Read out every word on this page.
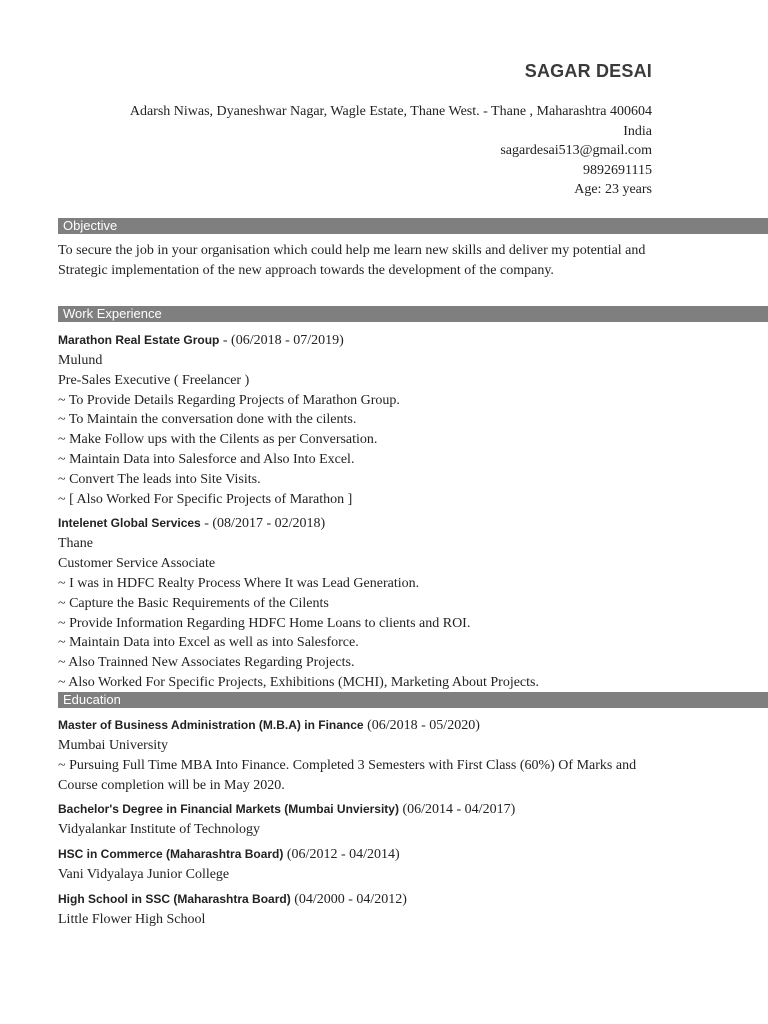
SAGAR DESAI
Adarsh Niwas, Dyaneshwar Nagar, Wagle Estate, Thane West. - Thane , Maharashtra 400604
India
sagardesai513@gmail.com
9892691115
Age: 23 years
Objective
To secure the job in your organisation which could help me learn new skills and deliver my potential and Strategic implementation of the new approach towards the development of the company.
Work Experience
Marathon Real Estate Group - (06/2018 - 07/2019)
Mulund
Pre-Sales Executive ( Freelancer )
~ To Provide Details Regarding Projects of Marathon Group.
~ To Maintain the conversation done with the cilents.
~ Make Follow ups with the Cilents as per Conversation.
~ Maintain Data into Salesforce and Also Into Excel.
~ Convert The leads into Site Visits.
~ [ Also Worked For Specific Projects of Marathon ]
Intelenet Global Services - (08/2017 - 02/2018)
Thane
Customer Service Associate
~ I was in HDFC Realty Process Where It was Lead Generation.
~ Capture the Basic Requirements of the Cilents
~ Provide Information Regarding HDFC Home Loans to clients and ROI.
~ Maintain Data into Excel as well as into Salesforce.
~ Also Trainned New Associates Regarding Projects.
~ Also Worked For Specific Projects, Exhibitions (MCHI), Marketing About Projects.
Education
Master of Business Administration (M.B.A) in Finance (06/2018 - 05/2020)
Mumbai University
~ Pursuing Full Time MBA Into Finance. Completed 3 Semesters with First Class (60%) Of Marks and Course completion will be in May 2020.
Bachelor's Degree in Financial Markets (Mumbai Unviersity) (06/2014 - 04/2017)
Vidyalankar Institute of Technology
HSC in Commerce (Maharashtra Board) (06/2012 - 04/2014)
Vani Vidyalaya Junior College
High School in SSC (Maharashtra Board) (04/2000 - 04/2012)
Little Flower High School
